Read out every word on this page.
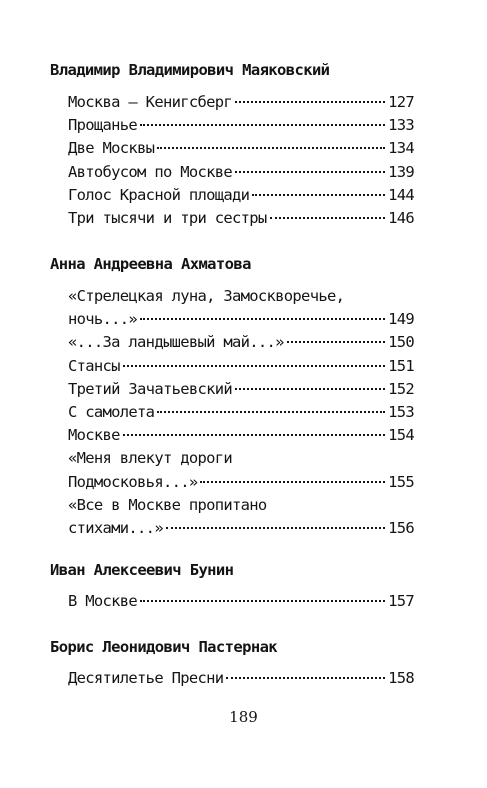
Владимир Владимирович Маяковский
Москва — Кенигсберг	127
Прощанье	133
Две Москвы	134
Автобусом по Москве	139
Голос Красной площади	144
Три тысячи и три сестры	146
Анна Андреевна Ахматова
«Стрелецкая луна, Замоскворечье,
ночь...»	149
«...За ландышевый май...»	150
Стансы	151
Третий Зачатьевский	152
С самолета	153
Москве	154
«Меня влекут дороги
Подмосковья...»	155
«Все в Москве пропитано
стихами...»	156
Иван Алексеевич Бунин
В Москве	157
Борис Леонидович Пастернак
Десятилетье Пресни	158
189
